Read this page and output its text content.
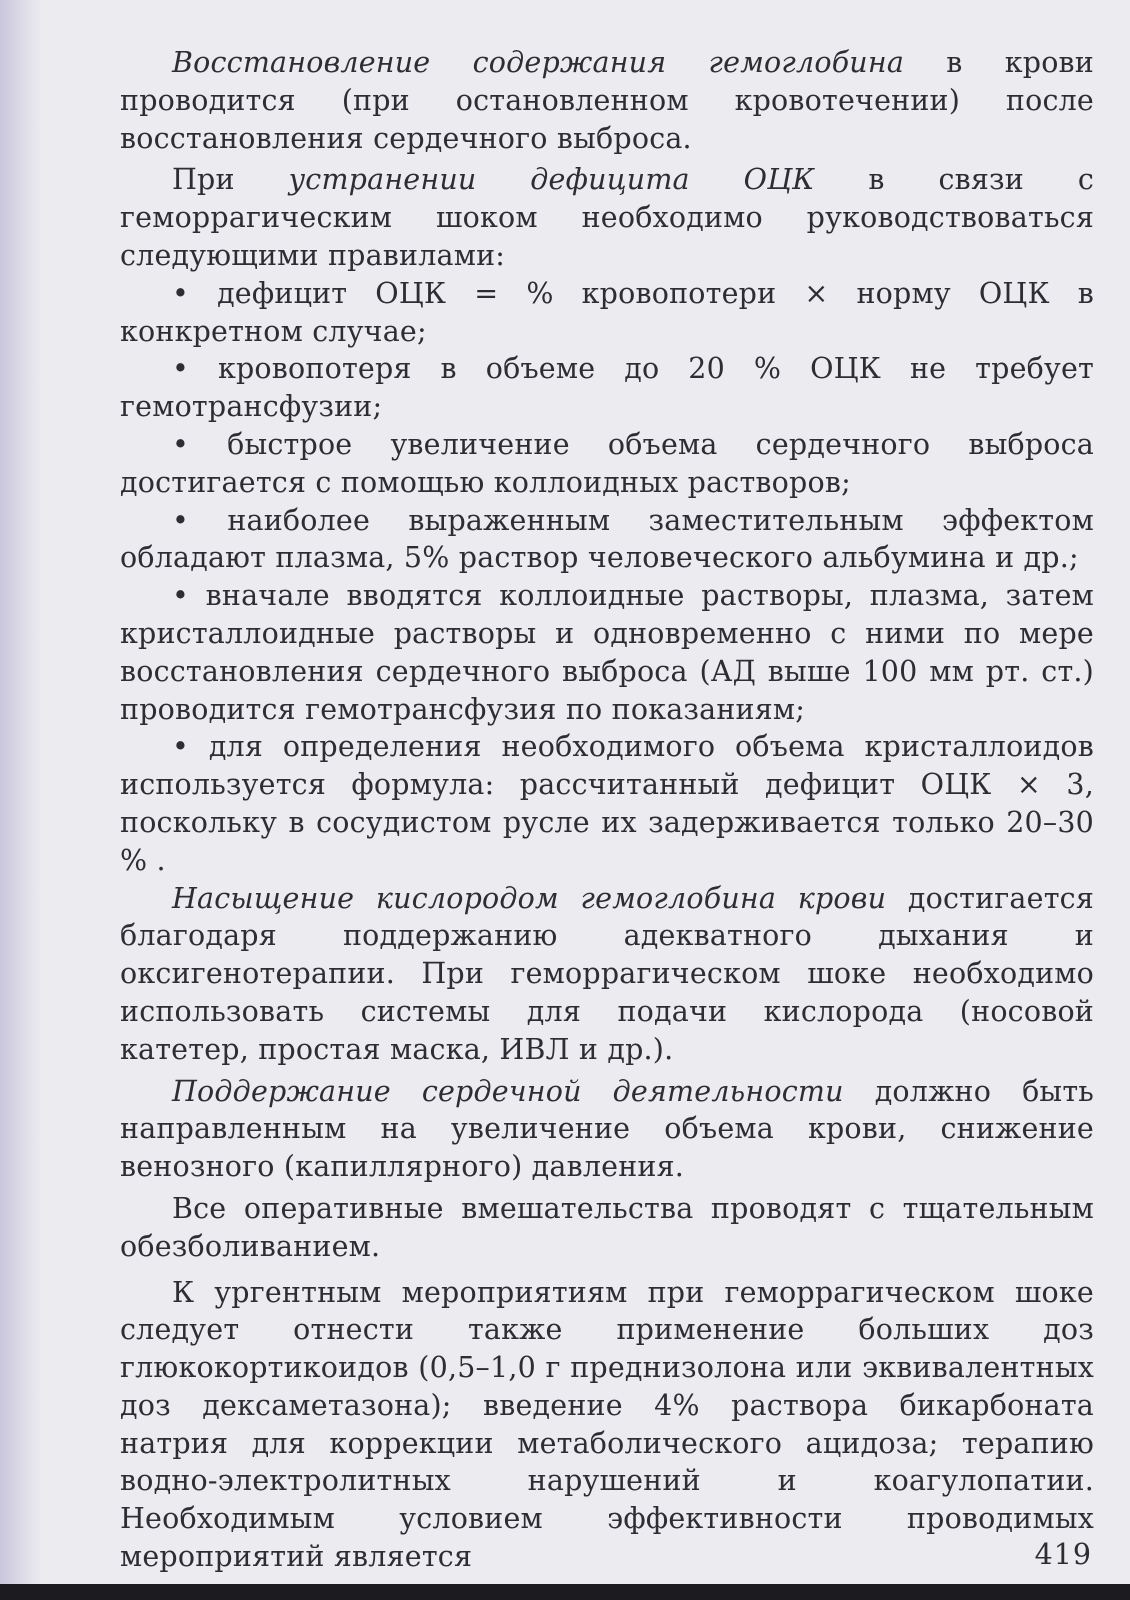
Восстановление содержания гемоглобина в крови проводится (при остановленном кровотечении) после восстановления сердечного выброса.

При устранении дефицита ОЦК в связи с геморрагическим шоком необходимо руководствоваться следующими правилами:

• дефицит ОЦК = % кровопотери × норму ОЦК в конкретном случае;

• кровопотеря в объеме до 20 % ОЦК не требует гемотрансфузии;

• быстрое увеличение объема сердечного выброса достигается с помощью коллоидных растворов;

• наиболее выраженным заместительным эффектом обладают плазма, 5% раствор человеческого альбумина и др.;

• вначале вводятся коллоидные растворы, плазма, затем кристаллоидные растворы и одновременно с ними по мере восстановления сердечного выброса (АД выше 100 мм рт. ст.) проводится гемотрансфузия по показаниям;

• для определения необходимого объема кристаллоидов используется формула: рассчитанный дефицит ОЦК × 3, поскольку в сосудистом русле их задерживается только 20–30 % .

Насыщение кислородом гемоглобина крови достигается благодаря поддержанию адекватного дыхания и оксигенотерапии. При геморрагическом шоке необходимо использовать системы для подачи кислорода (носовой катетер, простая маска, ИВЛ и др.).

Поддержание сердечной деятельности должно быть направленным на увеличение объема крови, снижение венозного (капиллярного) давления.

Все оперативные вмешательства проводят с тщательным обезболиванием.

К ургентным мероприятиям при геморрагическом шоке следует отнести также применение больших доз глюкокортикоидов (0,5–1,0 г преднизолона или эквивалентных доз дексаметазона); введение 4% раствора бикарбоната натрия для коррекции метаболического ацидоза; терапию водно-электролитных нарушений и коагулопатии. Необходимым условием эффективности проводимых мероприятий является	419
